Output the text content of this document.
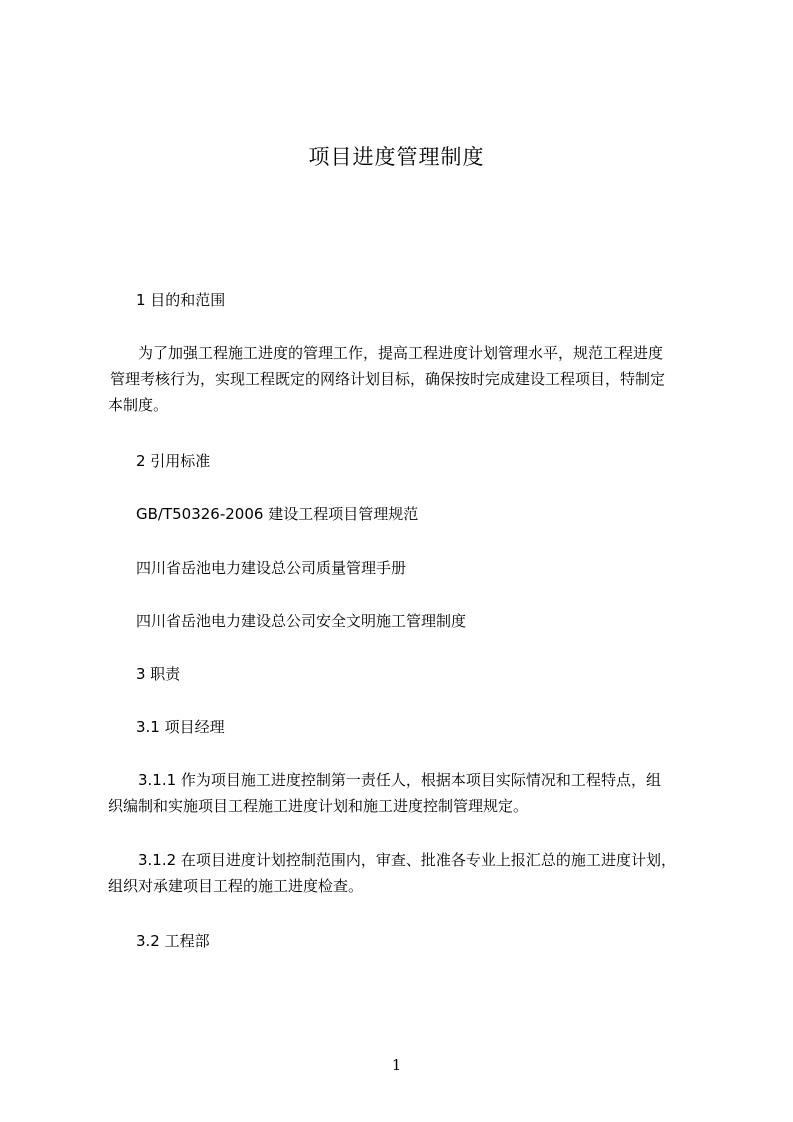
项目进度管理制度
1 目的和范围
为了加强工程施工进度的管理工作，提高工程进度计划管理水平，规范工程进度
管理考核行为，实现工程既定的网络计划目标，确保按时完成建设工程项目，特制定
本制度。
2 引用标准
GB/T50326-2006 建设工程项目管理规范
四川省岳池电力建设总公司质量管理手册
四川省岳池电力建设总公司安全文明施工管理制度
3 职责
3.1 项目经理
3.1.1 作为项目施工进度控制第一责任人，根据本项目实际情况和工程特点，组
织编制和实施项目工程施工进度计划和施工进度控制管理规定。
3.1.2 在项目进度计划控制范围内，审查、批准各专业上报汇总的施工进度计划，
组织对承建项目工程的施工进度检查。
3.2 工程部
1
